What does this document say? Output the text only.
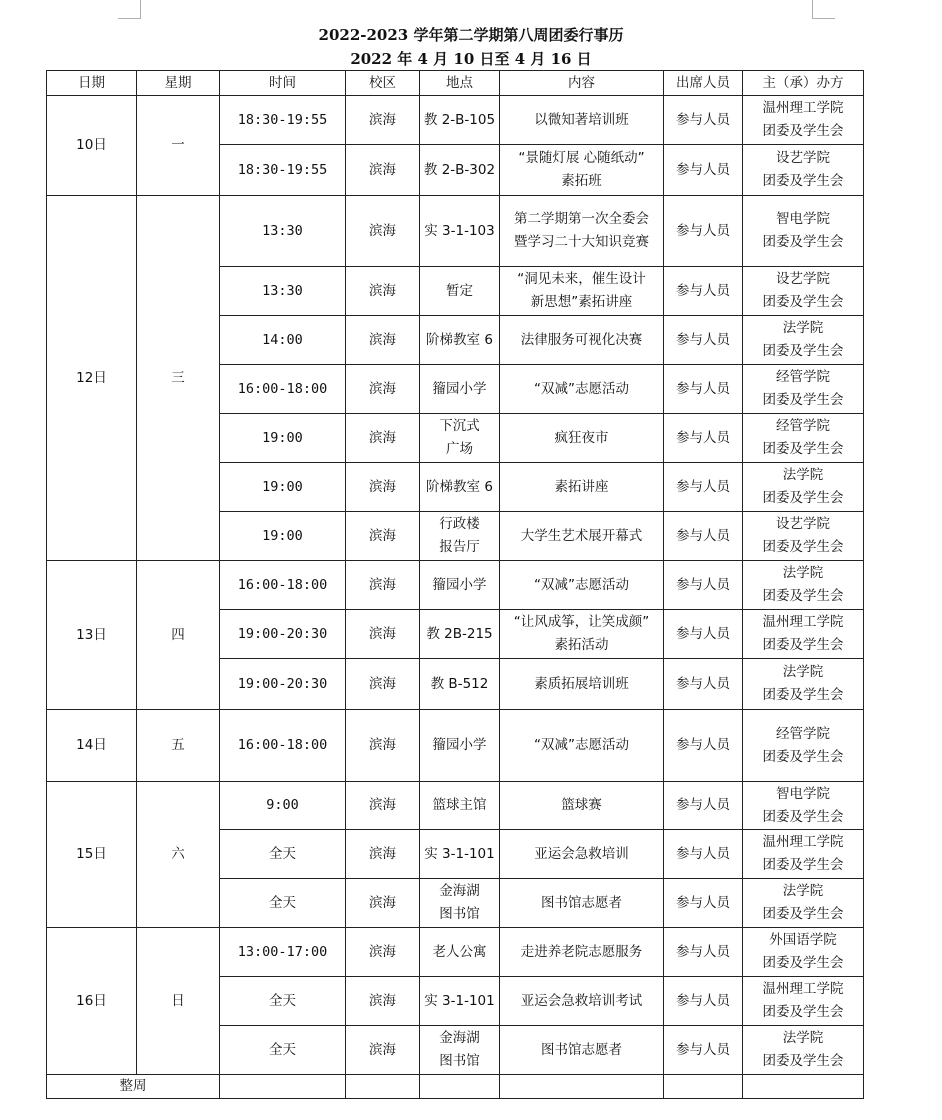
2022-2023 学年第二学期第八周团委行事历
2022 年 4 月 10 日至 4 月 16 日
日期	星期	时间	校区	地点	内容	出席人员	主（承）办方
10日	一	18:30-19:55	滨海	教 2-B-105	以微知著培训班	参与人员	温州理工学院
团委及学生会

		18:30-19:55	滨海	教 2-B-302	“景随灯展 心随纸动”
素拓班	参与人员	设艺学院
团委及学生会

12日	三	13:30	滨海	实 3-1-103	第二学期第一次全委会
暨学习二十大知识竞赛	参与人员	智电学院
团委及学生会

		13:30	滨海	暂定	“洞见未来，催生设计
新思想”素拓讲座	参与人员	设艺学院
团委及学生会

		14:00	滨海	阶梯教室 6	法律服务可视化决赛	参与人员	法学院
团委及学生会

		16:00-18:00	滨海	籀园小学	“双减”志愿活动	参与人员	经管学院
团委及学生会

		19:00	滨海	下沉式
广场	疯狂夜市	参与人员	经管学院
团委及学生会

		19:00	滨海	阶梯教室 6	素拓讲座	参与人员	法学院
团委及学生会

		19:00	滨海	行政楼
报告厅	大学生艺术展开幕式	参与人员	设艺学院
团委及学生会

13日	四	16:00-18:00	滨海	籀园小学	“双减”志愿活动	参与人员	法学院
团委及学生会

		19:00-20:30	滨海	教 2B-215	“让风成筝，让笑成颜”
素拓活动	参与人员	温州理工学院
团委及学生会

		19:00-20:30	滨海	教 B-512	素质拓展培训班	参与人员	法学院
团委及学生会

14日	五	16:00-18:00	滨海	籀园小学	“双减”志愿活动	参与人员	经管学院
团委及学生会

15日	六	9:00	滨海	篮球主馆	篮球赛	参与人员	智电学院
团委及学生会

		全天	滨海	实 3-1-101	亚运会急救培训	参与人员	温州理工学院
团委及学生会

		全天	滨海	金海湖
图书馆	图书馆志愿者	参与人员	法学院
团委及学生会

16日	日	13:00-17:00	滨海	老人公寓	走进养老院志愿服务	参与人员	外国语学院
团委及学生会

		全天	滨海	实 3-1-101	亚运会急救培训考试	参与人员	温州理工学院
团委及学生会

		全天	滨海	金海湖
图书馆	图书馆志愿者	参与人员	法学院
团委及学生会

整周							
